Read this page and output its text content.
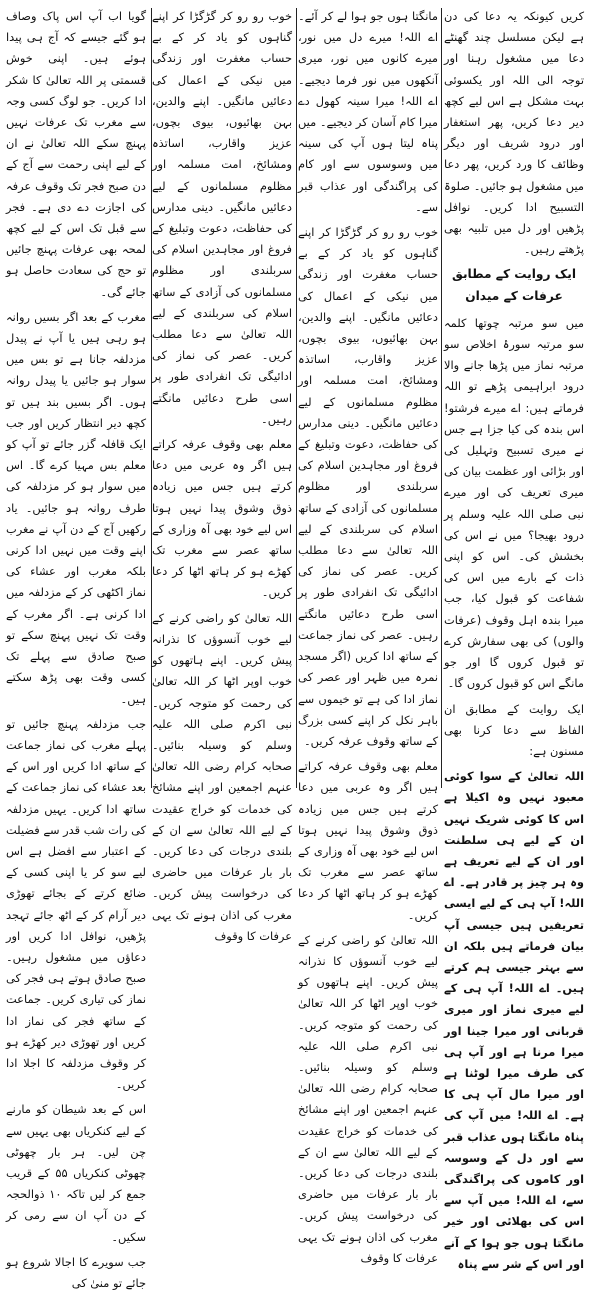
کریں کیونکہ یہ دعا کی دن ہے لیکن مسلسل چند گھنٹے دعا میں مشغول رہنا اور توجہ الی اللہ اور یکسوئی بہت مشکل ہے اس لیے کچھ دیر دعا کریں، پھر استغفار اور درود شریف اور دیگر وظائف کا ورد کریں، پھر دعا میں مشغول ہو جائیں۔ صلوۃ التسبیح ادا کریں۔ نوافل پڑھیں اور دل میں تلبیہ بھی پڑھتے رہیں۔

ایک روایت کے مطابق عرفات کے میدان

میں سو مرتبہ چوتھا کلمہ سو مرتبہ سورۂ اخلاص سو مرتبہ نماز میں پڑھا جانے والا درود ابراہیمی پڑھے تو اللہ فرماتے ہیں: اے میرے فرشتو! اس بندہ کی کیا جزا ہے جس نے میری تسبیح وتہلیل کی اور بڑائی اور عظمت بیان کی میری تعریف کی اور میرے نبی صلی اللہ علیہ وسلم پر درود بھیجا؟ میں نے اس کی بخشش کی۔ اس کو اپنی ذات کے بارے میں اس کی شفاعت کو قبول کیا، جب میرا بندہ اہل وقوف (عرفات والوں) کی بھی سفارش کرے تو قبول کروں گا اور جو مانگے اس کو قبول کروں گا۔

ایک روایت کے مطابق ان الفاظ سے دعا کرنا بھی مسنون ہے:

اللہ تعالیٰ کے سوا کوئی معبود نہیں وہ اکیلا ہے اس کا کوئی شریک نہیں ان کے لیے ہی سلطنت اور ان کے لیے تعریف ہے وہ ہر چیز پر قادر ہے۔ اے اللہ! آپ ہی کے لیے ایسی تعریفیں ہیں جیسی آپ بیان فرماتے ہیں بلکہ ان سے بہتر جیسی ہم کرتے ہیں۔ اے اللہ! آپ ہی کے لیے میری نماز اور میری قربانی اور میرا جینا اور میرا مرنا ہے اور آپ ہی کی طرف میرا لوٹنا ہے اور میرا مال آپ ہی کا ہے۔ اے اللہ! میں آپ کی پناہ مانگتا ہوں عذاب قبر سے اور دل کے وسوسہ اور کاموں کی پراگندگی سے، اے اللہ! میں آپ سے اس کی بھلائی اور خیر مانگتا ہوں جو ہوا کے آنے اور اس کے شر سے پناہ

مانگتا ہوں جو ہوا لے کر آئے۔ اے اللہ! میرے دل میں نور، میرے کانوں میں نور، میری آنکھوں میں نور فرما دیجیے۔ اے اللہ! میرا سینہ کھول دے میرا کام آسان کر دیجیے۔ میں پناہ لیتا ہوں آپ کی سینہ میں وسوسوں سے اور کام کی پراگندگی اور عذاب قبر سے۔

خوب رو رو کر گڑگڑا کر اپنے گناہوں کو یاد کر کے بے حساب مغفرت اور زندگی میں نیکی کے اعمال کی دعائیں مانگیں۔ اپنے والدین، بہن بھائیوں، بیوی بچوں، عزیز واقارب، اساتذہ ومشائخ، امت مسلمہ اور مظلوم مسلمانوں کے لیے دعائیں مانگیں۔ دینی مدارس کی حفاظت، دعوت وتبلیغ کے فروغ اور مجاہدین اسلام کی سربلندی اور مظلوم مسلمانوں کی آزادی کے ساتھ اسلام کی سربلندی کے لیے اللہ تعالیٰ سے دعا مطلب کریں۔ عصر کی نماز کی ادائیگی تک انفرادی طور پر اسی طرح دعائیں مانگتے رہیں۔ عصر کی نماز جماعت کے ساتھ ادا کریں (اگر مسجد نمرہ میں ظہر اور عصر کی نماز ادا کی ہے تو خیموں سے باہر نکل کر اپنے کسی بزرگ کے ساتھ وقوف عرفہ کریں۔

معلم بھی وقوف عرفہ کراتے ہیں اگر وہ عربی میں دعا کرتے ہیں جس میں زیادہ ذوق وشوق پیدا نہیں ہوتا اس لیے خود بھی آہ وزاری کے ساتھ عصر سے مغرب تک کھڑے ہو کر ہاتھ اٹھا کر دعا کریں۔

اللہ تعالیٰ کو راضی کرنے کے لیے خوب آنسوؤں کا نذرانہ پیش کریں۔ اپنے ہاتھوں کو خوب اوپر اٹھا کر اللہ تعالیٰ کی رحمت کو متوجہ کریں۔ نبی اکرم صلی اللہ علیہ وسلم کو وسیلہ بنائیں۔ صحابہ کرام رضی اللہ تعالیٰ عنہم اجمعین اور اپنے مشائخ کی خدمات کو خراج عقیدت کے لیے اللہ تعالیٰ سے ان کے بلندی درجات کی دعا کریں۔ بار بار عرفات میں حاضری کی درخواست پیش کریں۔ مغرب کی اذان ہونے تک یہی عرفات کا وقوف

خوب رو رو کر گڑگڑا کر اپنے گناہوں کو یاد کر کے بے حساب مغفرت اور زندگی میں نیکی کے اعمال کی دعائیں مانگیں۔ اپنے والدین، بہن بھائیوں، بیوی بچوں، عزیز واقارب، اساتذہ ومشائخ، امت مسلمہ اور مظلوم مسلمانوں کے لیے دعائیں مانگیں۔ دینی مدارس کی حفاظت، دعوت وتبلیغ کے فروغ اور مجاہدین اسلام کی سربلندی اور مظلوم مسلمانوں کی آزادی کے ساتھ اسلام کی سربلندی کے لیے اللہ تعالیٰ سے دعا مطلب کریں۔ عصر کی نماز کی ادائیگی تک انفرادی طور پر اسی طرح دعائیں مانگتے رہیں۔

معلم بھی وقوف عرفہ کراتے ہیں اگر وہ عربی میں دعا کرتے ہیں جس میں زیادہ ذوق وشوق پیدا نہیں ہوتا اس لیے خود بھی آہ وزاری کے ساتھ عصر سے مغرب تک کھڑے ہو کر ہاتھ اٹھا کر دعا کریں۔

اللہ تعالیٰ کو راضی کرنے کے لیے خوب آنسوؤں کا نذرانہ پیش کریں۔ اپنے ہاتھوں کو خوب اوپر اٹھا کر اللہ تعالیٰ کی رحمت کو متوجہ کریں۔ نبی اکرم صلی اللہ علیہ وسلم کو وسیلہ بنائیں۔ صحابہ کرام رضی اللہ تعالیٰ عنہم اجمعین اور اپنے مشائخ کی خدمات کو خراج عقیدت کے لیے اللہ تعالیٰ سے ان کے بلندی درجات کی دعا کریں۔ بار بار عرفات میں حاضری کی درخواست پیش کریں۔ مغرب کی اذان ہونے تک یہی عرفات کا وقوف

گویا اب آپ اس پاک وصاف ہو گئے جیسے کہ آج ہی پیدا ہوئے ہیں۔ اپنی خوش قسمتی پر اللہ تعالیٰ کا شکر ادا کریں۔ جو لوگ کسی وجہ سے مغرب تک عرفات نہیں پہنچ سکے اللہ تعالیٰ نے ان کے لیے اپنی رحمت سے آج کے دن صبح فجر تک وقوف عرفہ کی اجازت دے دی ہے۔ فجر سے قبل تک اس کے لیے کچھ لمحہ بھی عرفات پہنچ جائیں تو حج کی سعادت حاصل ہو جائے گی۔

مغرب کے بعد اگر بسیں روانہ ہو رہی ہیں یا آپ نے پیدل مزدلفہ جانا ہے تو بس میں سوار ہو جائیں یا پیدل روانہ ہوں۔ اگر بسیں بند ہیں تو کچھ دیر انتظار کریں اور جب ایک قافلہ گزر جائے تو آپ کو معلم بس مہیا کرے گا۔ اس میں سوار ہو کر مزدلفہ کی طرف روانہ ہو جائیں۔ یاد رکھیں آج کے دن آپ نے مغرب اپنے وقت میں نہیں ادا کرنی بلکہ مغرب اور عشاء کی نماز اکٹھی کر کے مزدلفہ میں ادا کرنی ہے۔ اگر مغرب کے وقت تک نہیں پہنچ سکے تو صبح صادق سے پہلے تک کسی وقت بھی پڑھ سکتے ہیں۔

جب مزدلفہ پہنچ جائیں تو پہلے مغرب کی نماز جماعت کے ساتھ ادا کریں اور اس کے بعد عشاء کی نماز جماعت کے ساتھ ادا کریں۔ یہیں مزدلفہ کی رات شب قدر سے فضیلت کے اعتبار سے افضل ہے اس لیے سو کر یا اپنی کسی کے ضائع کرتے کے بجائے تھوڑی دیر آرام کر کے اٹھ جائے تہجد پڑھیں، نوافل ادا کریں اور دعاؤں میں مشغول رہیں۔ صبح صادق ہوتے ہی فجر کی نماز کی تیاری کریں۔ جماعت کے ساتھ فجر کی نماز ادا کریں اور تھوڑی دیر کھڑے ہو کر وقوف مزدلفہ کا اجلا ادا کریں۔

اس کے بعد شیطان کو مارنے کے لیے کنکریاں بھی یہیں سے چن لیں۔ ہر بار چھوٹی چھوٹی کنکریاں ۵۵ کے قریب جمع کر لیں تاکہ ۱۰ ذوالحجہ کے دن آپ ان سے رمی کر سکیں۔

جب سویرے کا اجالا شروع ہو جائے تو منیٰ کی
